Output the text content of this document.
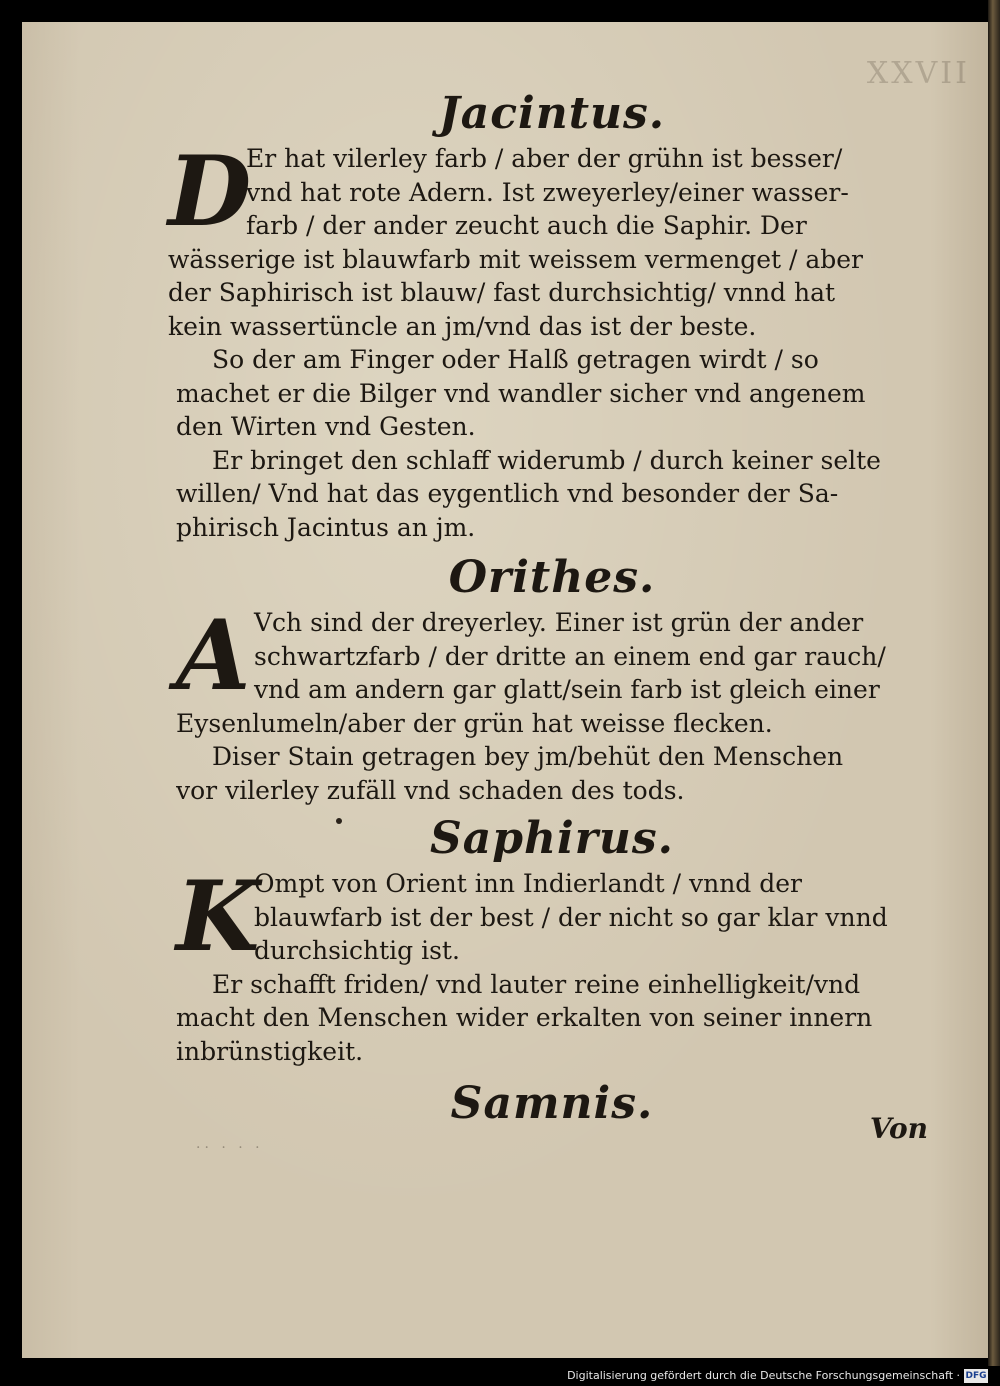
XXVII
Jacintus.
D
Er hat vilerley farb / aber der grühn ist besser/
vnd hat rote Adern. Ist zweyerley/einer wasser-
farb / der ander zeucht auch die Saphir. Der
wässerige ist blauwfarb mit weissem vermenget / aber
der Saphirisch ist blauw/ fast durchsichtig/ vnnd hat
kein wassertüncle an jm/vnd das ist der beste.
So der am Finger oder Halß getragen wirdt / so
machet er die Bilger vnd wandler sicher vnd angenem
den Wirten vnd Gesten.
Er bringet den schlaff widerumb / durch keiner selte
willen/ Vnd hat das eygentlich vnd besonder der Sa-
phirisch Jacintus an jm.
Orithes.
A Vch sind der dreyerley. Einer ist grün der ander
schwartzfarb / der dritte an einem end gar rauch/
vnd am andern gar glatt/sein farb ist gleich einer
Eysenlumeln/aber der grün hat weisse flecken.
Diser Stain getragen bey jm/behüt den Menschen
vor vilerley zufäll vnd schaden des tods.
Saphirus.
K
Ompt von Orient inn Indierlandt / vnnd der
blauwfarb ist der best / der nicht so gar klar vnnd
durchsichtig ist.
Er schafft friden/ vnd lauter reine einhelligkeit/vnd
macht den Menschen wider erkalten von seiner innern
inbrünstigkeit.
Samnis.	Von
·· · · ·
Digitalisierung gefördert durch die Deutsche Forschungsgemeinschaft · DFG
